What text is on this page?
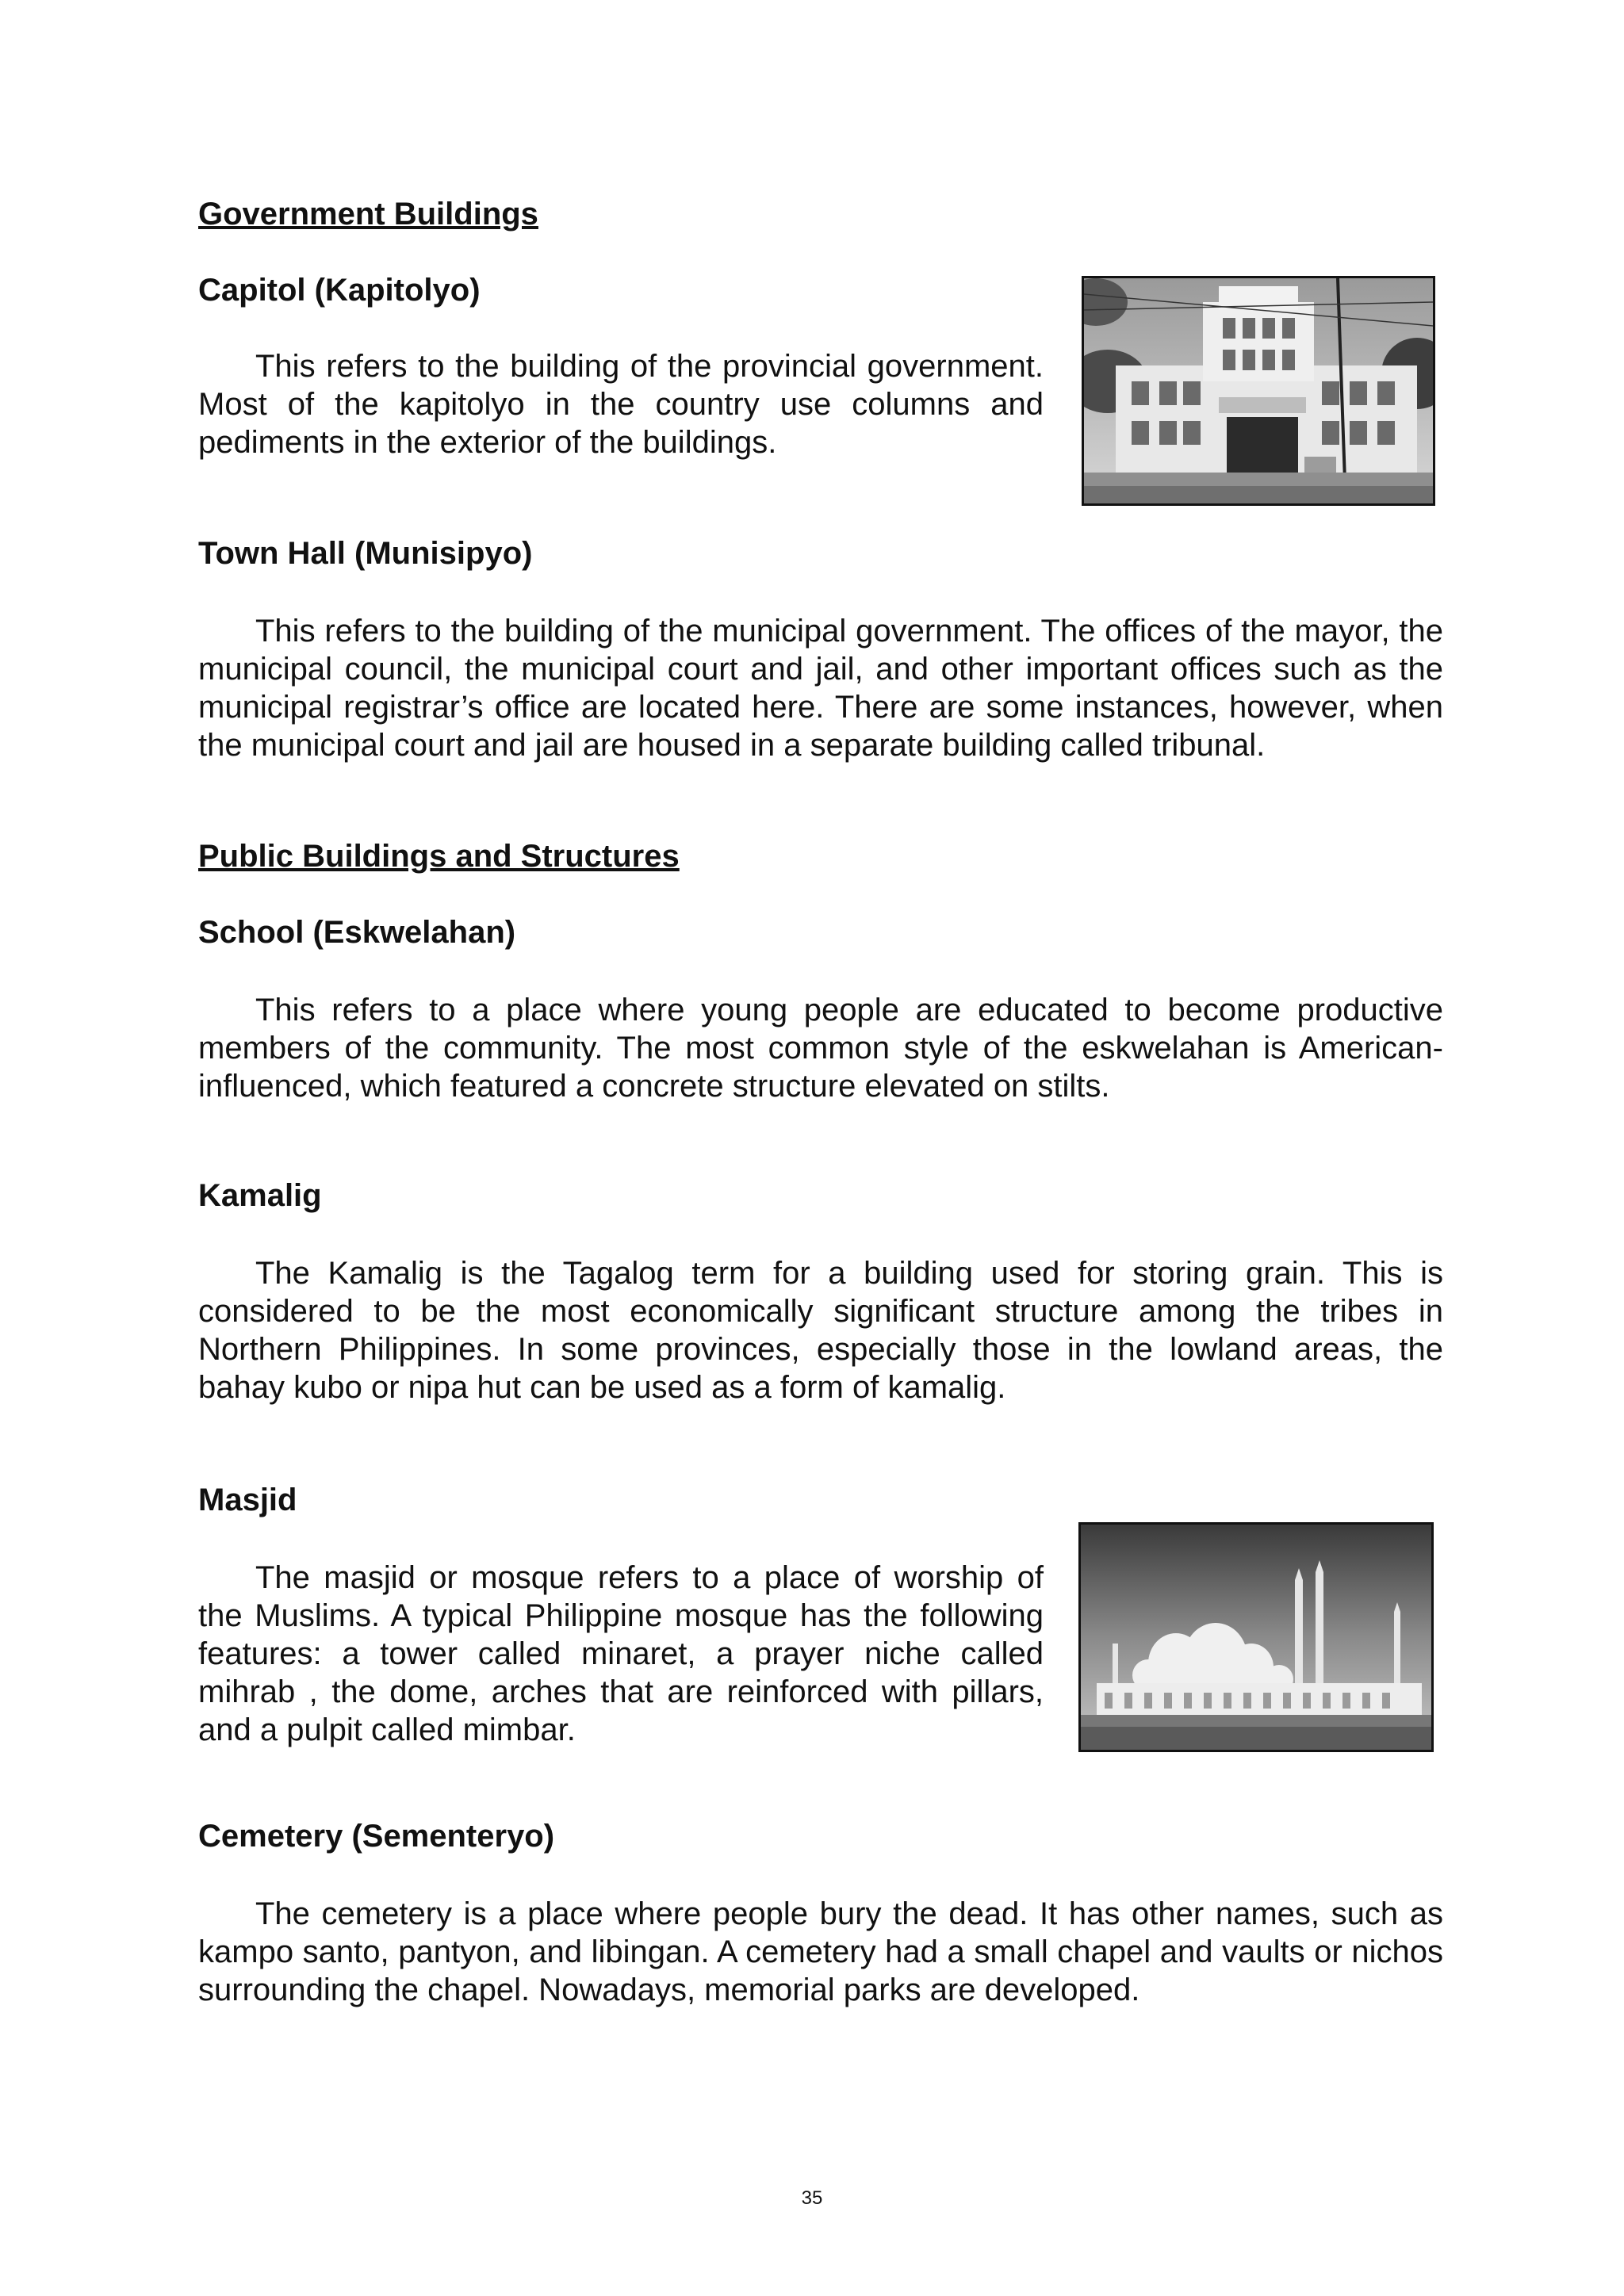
Government Buildings
Capitol (Kapitolyo)

This refers to the building of the provincial government. Most of the kapitolyo in the country use columns and pediments in the exterior of the buildings.

Town Hall (Munisipyo)

This refers to the building of the municipal government. The offices of the mayor, the municipal council, the municipal court and jail, and other important offices such as the municipal registrar’s office are located here. There are some instances, however, when the municipal court and jail are housed in a separate building called tribunal.

Public Buildings and Structures
School (Eskwelahan)

This refers to a place where young people are educated to become productive members of the community. The most common style of the eskwelahan is American-influenced, which featured a concrete structure elevated on stilts.

Kamalig

The Kamalig is the Tagalog term for a building used for storing grain. This is considered to be the most economically significant structure among the tribes in Northern Philippines. In some provinces, especially those in the lowland areas, the bahay kubo or nipa hut can be used as a form of kamalig.

Masjid

The masjid or mosque refers to a place of worship of the Muslims. A typical Philippine mosque has the following features: a tower called minaret, a prayer niche called mihrab , the dome, arches that are reinforced with pillars, and a pulpit called mimbar.

Cemetery (Sementeryo)

The cemetery is a place where people bury the dead. It has other names, such as kampo santo, pantyon, and libingan. A cemetery had a small chapel and vaults or nichos surrounding the chapel. Nowadays, memorial parks are developed.

35
